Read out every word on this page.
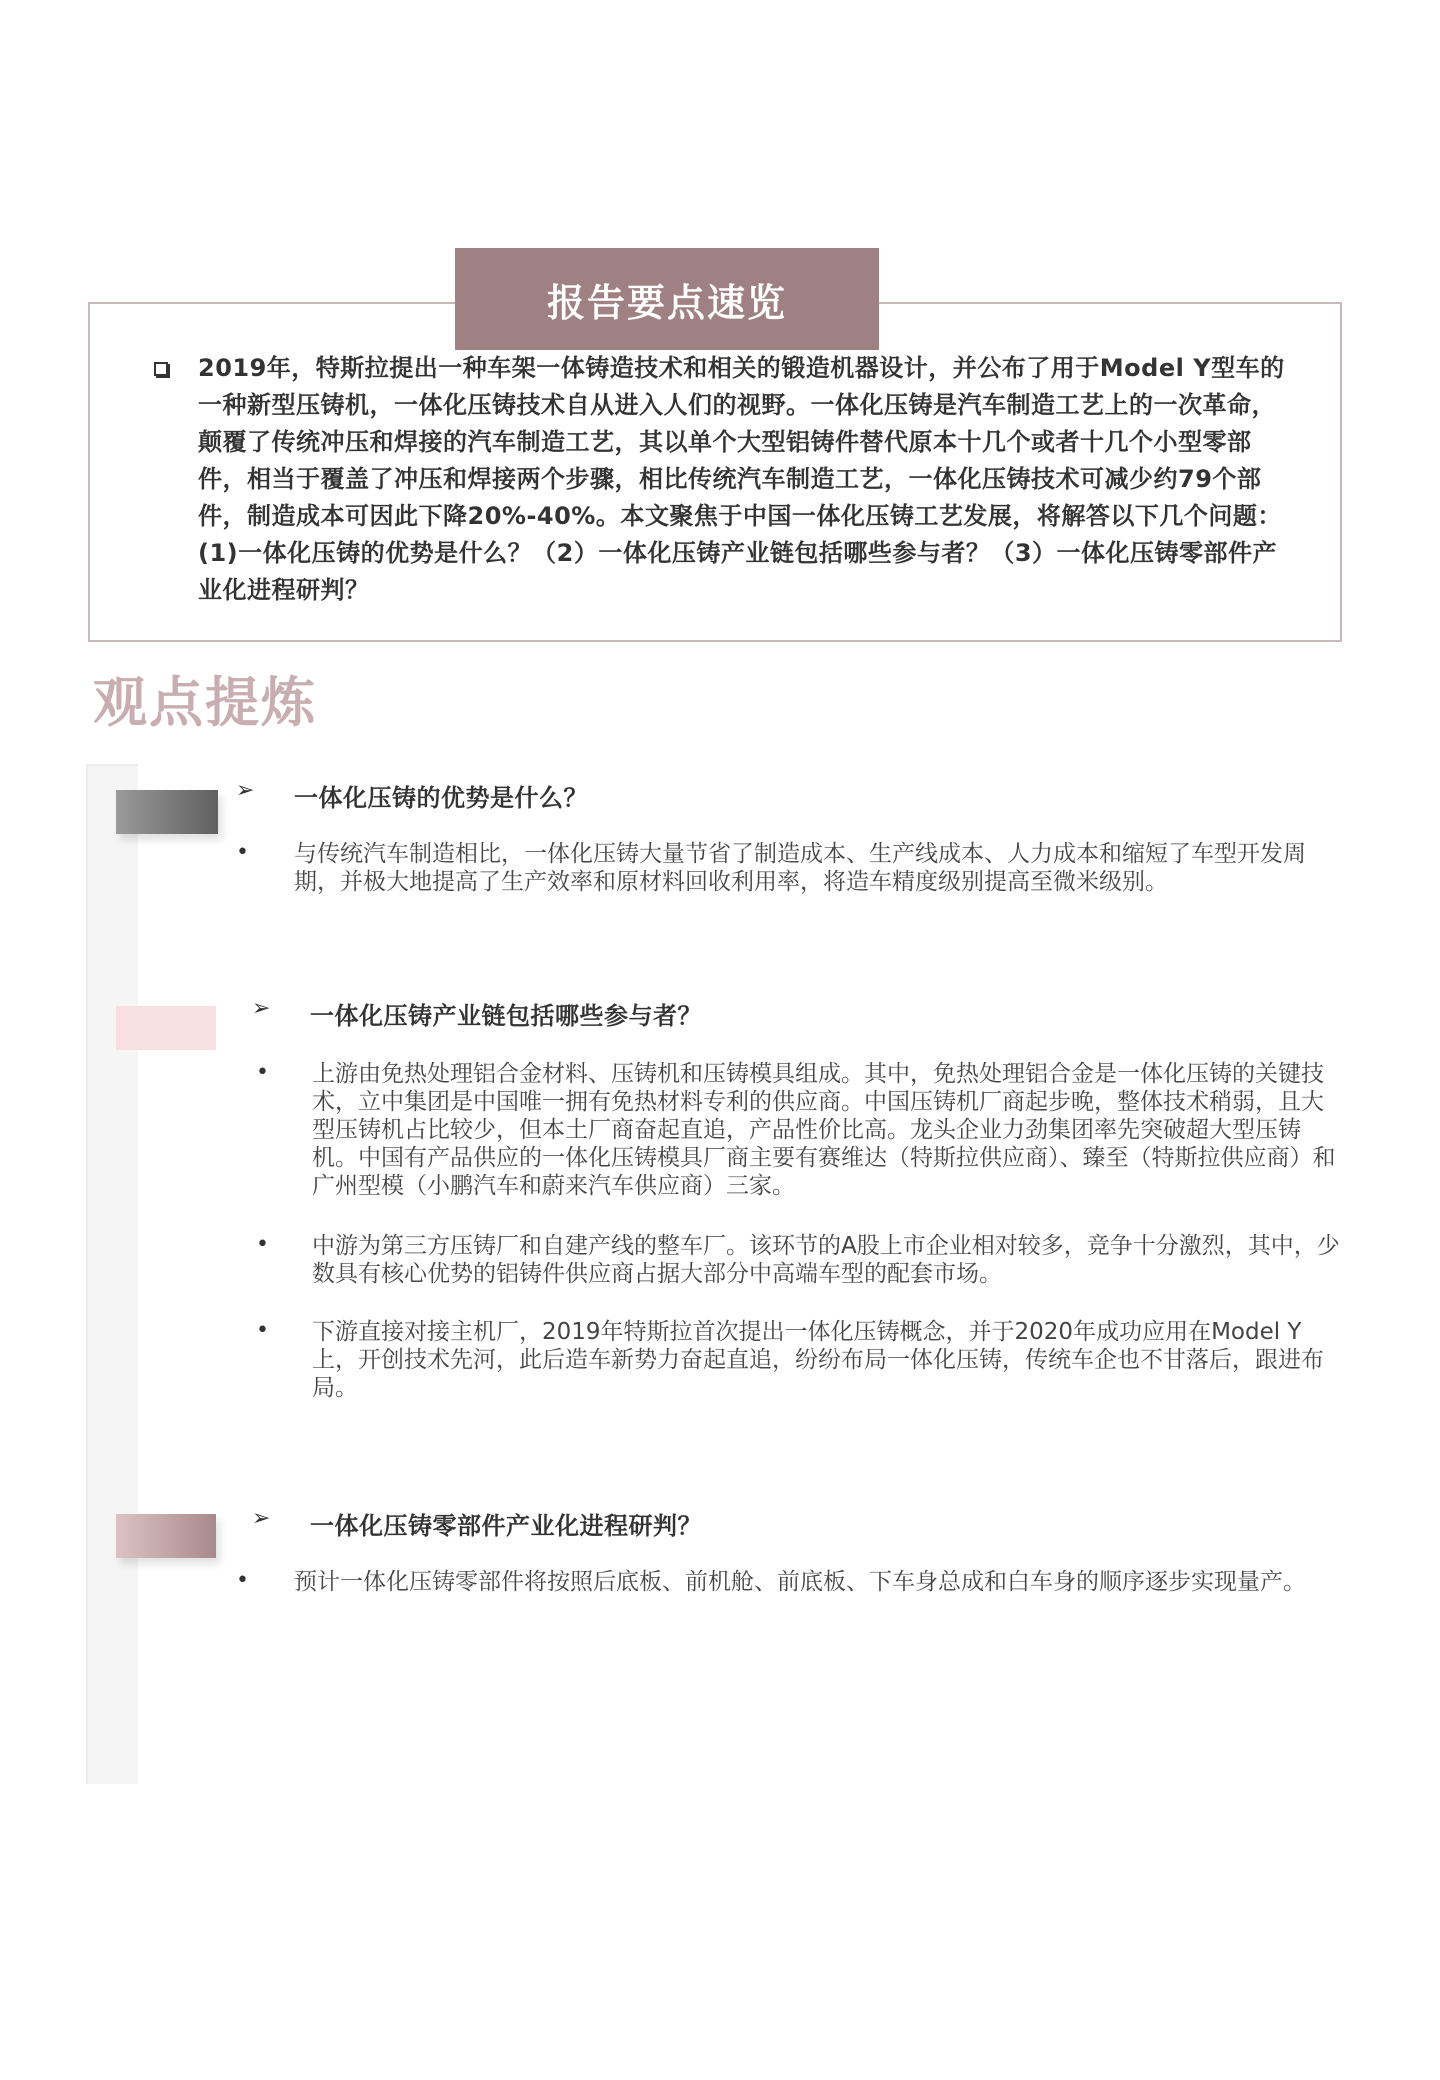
报告要点速览

2019年，特斯拉提出一种车架一体铸造技术和相关的锻造机器设计，并公布了用于Model Y型车的一种新型压铸机，一体化压铸技术自从进入人们的视野。一体化压铸是汽车制造工艺上的一次革命，颠覆了传统冲压和焊接的汽车制造工艺，其以单个大型铝铸件替代原本十几个或者十几个小型零部件，相当于覆盖了冲压和焊接两个步骤，相比传统汽车制造工艺，一体化压铸技术可减少约79个部件，制造成本可因此下降20%-40%。本文聚焦于中国一体化压铸工艺发展，将解答以下几个问题：(1)一体化压铸的优势是什么？（2）一体化压铸产业链包括哪些参与者？（3）一体化压铸零部件产业化进程研判？

观点提炼
➢ 一体化压铸的优势是什么？
• 与传统汽车制造相比，一体化压铸大量节省了制造成本、生产线成本、人力成本和缩短了车型开发周期，并极大地提高了生产效率和原材料回收利用率，将造车精度级别提高至微米级别。

➢ 一体化压铸产业链包括哪些参与者？
• 上游由免热处理铝合金材料、压铸机和压铸模具组成。其中，免热处理铝合金是一体化压铸的关键技术，立中集团是中国唯一拥有免热材料专利的供应商。中国压铸机厂商起步晚，整体技术稍弱，且大型压铸机占比较少，但本土厂商奋起直追，产品性价比高。龙头企业力劲集团率先突破超大型压铸机。中国有产品供应的一体化压铸模具厂商主要有赛维达（特斯拉供应商）、臻至（特斯拉供应商）和广州型模（小鹏汽车和蔚来汽车供应商）三家。

• 中游为第三方压铸厂和自建产线的整车厂。该环节的A股上市企业相对较多，竞争十分激烈，其中，少数具有核心优势的铝铸件供应商占据大部分中高端车型的配套市场。

• 下游直接对接主机厂，2019年特斯拉首次提出一体化压铸概念，并于2020年成功应用在Model Y上，开创技术先河，此后造车新势力奋起直追，纷纷布局一体化压铸，传统车企也不甘落后，跟进布局。

➢ 一体化压铸零部件产业化进程研判？
• 预计一体化压铸零部件将按照后底板、前机舱、前底板、下车身总成和白车身的顺序逐步实现量产。
